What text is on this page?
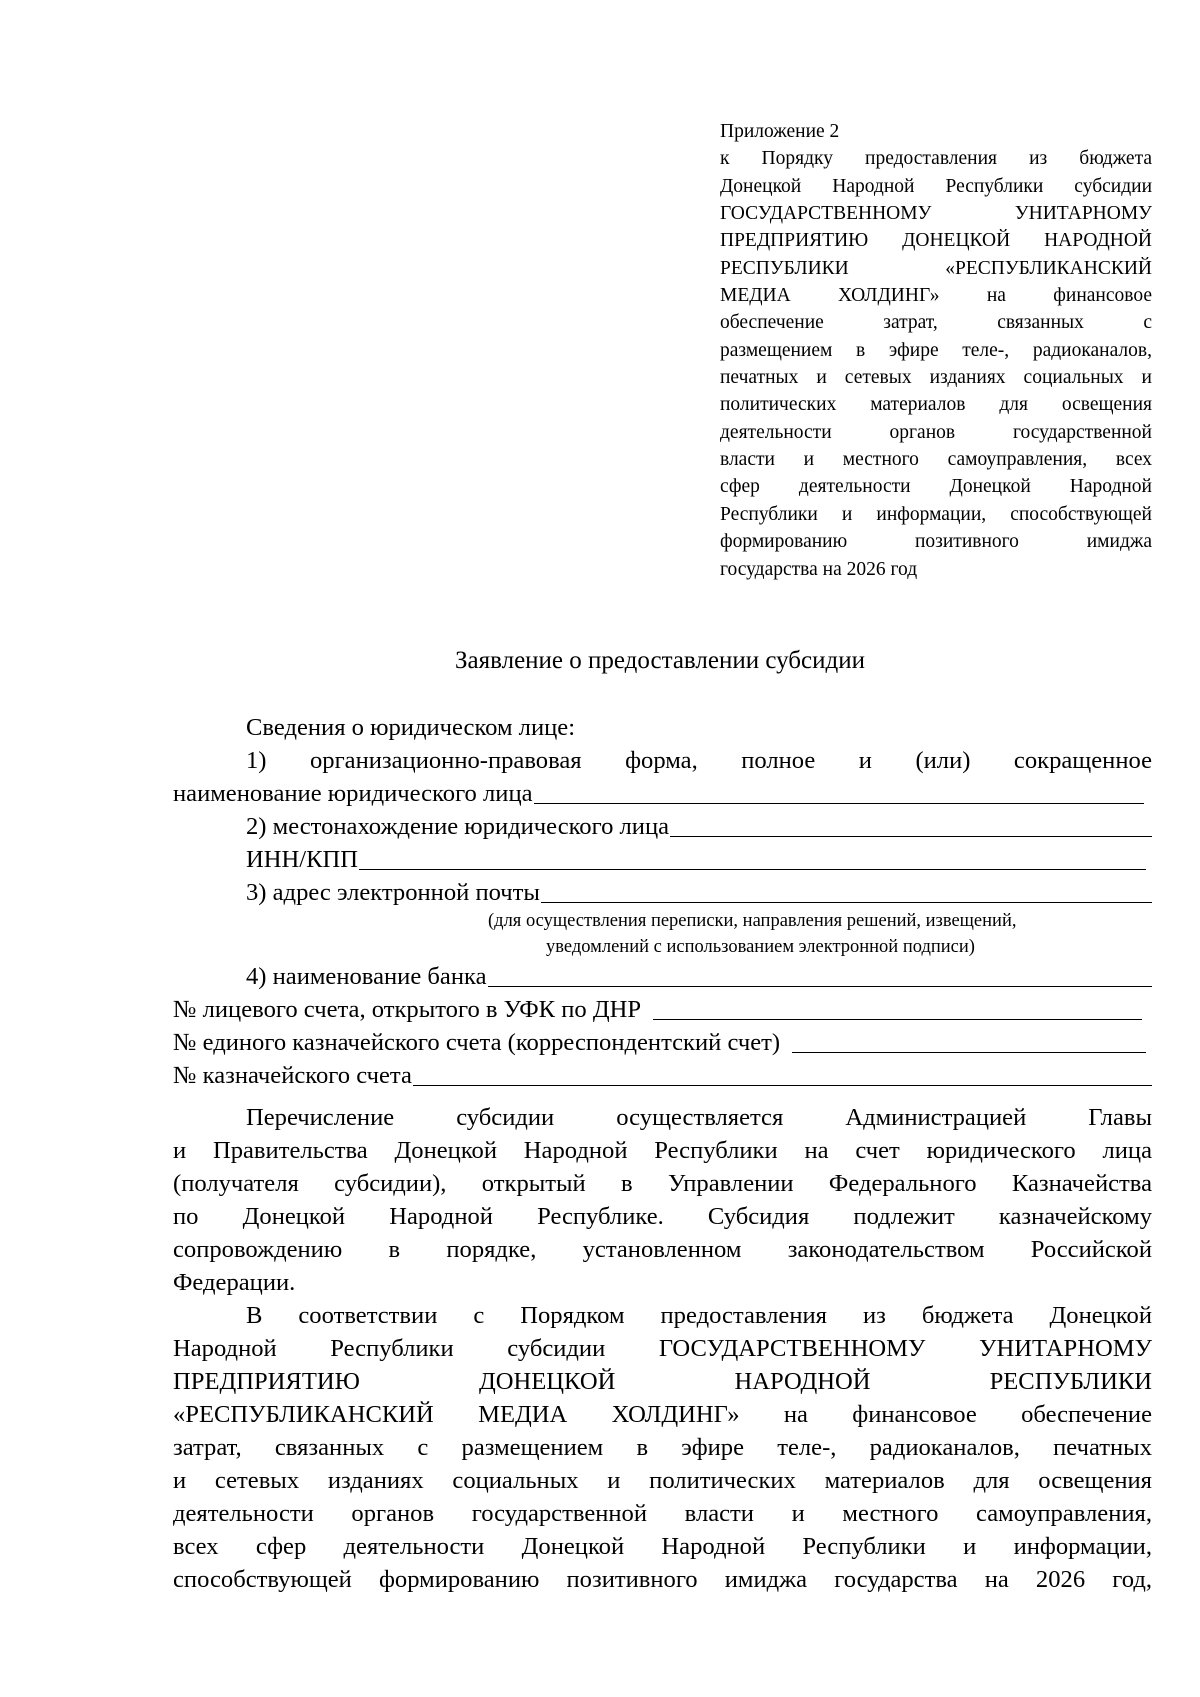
Приложение 2
к Порядку предоставления из бюджета
Донецкой Народной Республики субсидии
ГОСУДАРСТВЕННОМУ УНИТАРНОМУ
ПРЕДПРИЯТИЮ ДОНЕЦКОЙ НАРОДНОЙ
РЕСПУБЛИКИ «РЕСПУБЛИКАНСКИЙ
МЕДИА ХОЛДИНГ» на финансовое
обеспечение затрат, связанных с
размещением в эфире теле-, радиоканалов,
печатных и сетевых изданиях социальных и
политических материалов для освещения
деятельности органов государственной
власти и местного самоуправления, всех
сфер деятельности Донецкой Народной
Республики и информации, способствующей
формированию позитивного имиджа
государства на 2026 год
Заявление о предоставлении субсидии
Сведения о юридическом лице:
1) организационно-правовая форма, полное и (или) сокращенное
наименование юридического лица
2) местонахождение юридического лица
ИНН/КПП
3) адрес электронной почты
(для осуществления переписки, направления решений, извещений,
уведомлений с использованием электронной подписи)
4) наименование банка
№ лицевого счета, открытого в УФК по ДНР
№ единого казначейского счета (корреспондентский счет)
№ казначейского счета
Перечисление субсидии осуществляется Администрацией Главы
и Правительства Донецкой Народной Республики на счет юридического лица
(получателя субсидии), открытый в Управлении Федерального Казначейства
по Донецкой Народной Республике. Субсидия подлежит казначейскому
сопровождению в порядке, установленном законодательством Российской
Федерации.
В соответствии с Порядком предоставления из бюджета Донецкой
Народной Республики субсидии ГОСУДАРСТВЕННОМУ УНИТАРНОМУ
ПРЕДПРИЯТИЮ ДОНЕЦКОЙ НАРОДНОЙ РЕСПУБЛИКИ
«РЕСПУБЛИКАНСКИЙ МЕДИА ХОЛДИНГ» на финансовое обеспечение
затрат, связанных с размещением в эфире теле-, радиоканалов, печатных
и сетевых изданиях социальных и политических материалов для освещения
деятельности органов государственной власти и местного самоуправления,
всех сфер деятельности Донецкой Народной Республики и информации,
способствующей формированию позитивного имиджа государства на 2026 год,
